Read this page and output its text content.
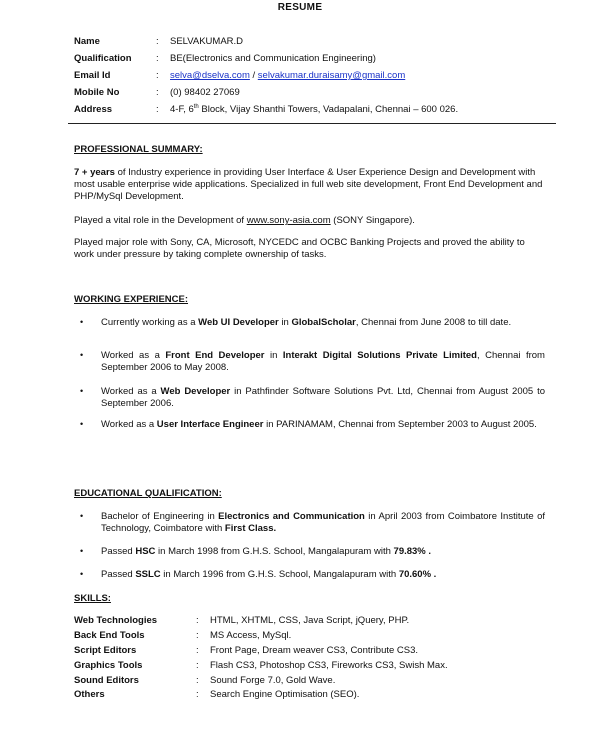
RESUME
Name	: SELVAKUMAR.D
Qualification	: BE(Electronics and Communication Engineering)
Email Id	: selva@dselva.com / selvakumar.duraisamy@gmail.com
Mobile No	: (0) 98402 27069
Address	: 4-F, 6th Block, Vijay Shanthi Towers, Vadapalani, Chennai – 600 026.
PROFESSIONAL SUMMARY:
7 + years of Industry experience in providing User Interface & User Experience Design and Development with most usable enterprise wide applications. Specialized in full web site development, Front End Development and PHP/MySql Development.
Played a vital role in the Development of www.sony-asia.com (SONY Singapore).
Played major role with Sony, CA, Microsoft, NYCEDC and OCBC Banking Projects and proved the ability to work under pressure by taking complete ownership of tasks.
WORKING EXPERIENCE:
• Currently working as a Web UI Developer in GlobalScholar, Chennai from June 2008 to till date.
• Worked as a Front End Developer in Interakt Digital Solutions Private Limited, Chennai from September 2006 to May 2008.
• Worked as a Web Developer in Pathfinder Software Solutions Pvt. Ltd, Chennai from August 2005 to September 2006.
• Worked as a User Interface Engineer in PARINAMAM, Chennai from September 2003 to August 2005.
EDUCATIONAL QUALIFICATION:
• Bachelor of Engineering in Electronics and Communication in April 2003 from Coimbatore Institute of Technology, Coimbatore with First Class.
• Passed HSC in March 1998 from G.H.S. School, Mangalapuram with 79.83% .
• Passed SSLC in March 1996 from G.H.S. School, Mangalapuram with 70.60% .
SKILLS:
Web Technologies	: HTML, XHTML, CSS, Java Script, jQuery, PHP.
Back End Tools	: MS Access, MySql.
Script Editors	: Front Page, Dream weaver CS3, Contribute CS3.
Graphics Tools	: Flash CS3, Photoshop CS3, Fireworks CS3, Swish Max.
Sound Editors	: Sound Forge 7.0, Gold Wave.
Others	: Search Engine Optimisation (SEO).
